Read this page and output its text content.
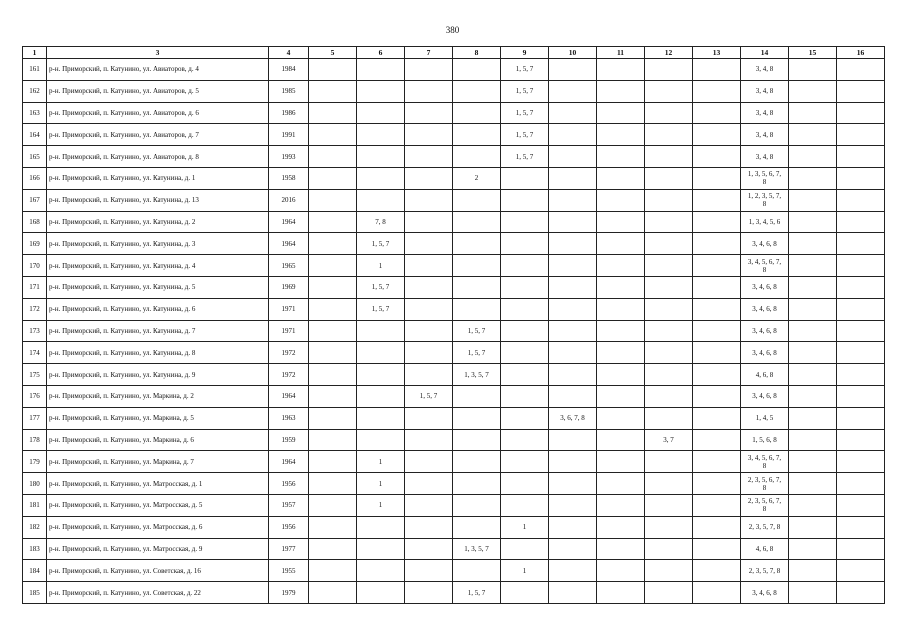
380
1	3	4	5	6	7	8	9	10	11	12	13	14	15	16
161	р-н. Приморский, п. Катунино, ул. Авиаторов, д. 4	1984					1, 5, 7					3, 4, 8		
162	р-н. Приморский, п. Катунино, ул. Авиаторов, д. 5	1985					1, 5, 7					3, 4, 8		
163	р-н. Приморский, п. Катунино, ул. Авиаторов, д. 6	1986					1, 5, 7					3, 4, 8		
164	р-н. Приморский, п. Катунино, ул. Авиаторов, д. 7	1991					1, 5, 7					3, 4, 8		
165	р-н. Приморский, п. Катунино, ул. Авиаторов, д. 8	1993					1, 5, 7					3, 4, 8		
166	р-н. Приморский, п. Катунино, ул. Катунина, д. 1	1958				2						1, 3, 5, 6, 7, 8		
167	р-н. Приморский, п. Катунино, ул. Катунина, д. 13	2016										1, 2, 3, 5, 7, 8		
168	р-н. Приморский, п. Катунино, ул. Катунина, д. 2	1964		7, 8								1, 3, 4, 5, 6		
169	р-н. Приморский, п. Катунино, ул. Катунина, д. 3	1964		1, 5, 7								3, 4, 6, 8		
170	р-н. Приморский, п. Катунино, ул. Катунина, д. 4	1965		1								3, 4, 5, 6, 7, 8		
171	р-н. Приморский, п. Катунино, ул. Катунина, д. 5	1969		1, 5, 7								3, 4, 6, 8		
172	р-н. Приморский, п. Катунино, ул. Катунина, д. 6	1971		1, 5, 7								3, 4, 6, 8		
173	р-н. Приморский, п. Катунино, ул. Катунина, д. 7	1971				1, 5, 7						3, 4, 6, 8		
174	р-н. Приморский, п. Катунино, ул. Катунина, д. 8	1972				1, 5, 7						3, 4, 6, 8		
175	р-н. Приморский, п. Катунино, ул. Катунина, д. 9	1972				1, 3, 5, 7						4, 6, 8		
176	р-н. Приморский, п. Катунино, ул. Маркина, д. 2	1964			1, 5, 7							3, 4, 6, 8		
177	р-н. Приморский, п. Катунино, ул. Маркина, д. 5	1963						3, 6, 7, 8				1, 4, 5		
178	р-н. Приморский, п. Катунино, ул. Маркина, д. 6	1959								3, 7		1, 5, 6, 8		
179	р-н. Приморский, п. Катунино, ул. Маркина, д. 7	1964		1								3, 4, 5, 6, 7, 8		
180	р-н. Приморский, п. Катунино, ул. Матросская, д. 1	1956		1								2, 3, 5, 6, 7, 8		
181	р-н. Приморский, п. Катунино, ул. Матросская, д. 5	1957		1								2, 3, 5, 6, 7, 8		
182	р-н. Приморский, п. Катунино, ул. Матросская, д. 6	1956					1					2, 3, 5, 7, 8		
183	р-н. Приморский, п. Катунино, ул. Матросская, д. 9	1977				1, 3, 5, 7						4, 6, 8		
184	р-н. Приморский, п. Катунино, ул. Советская, д. 16	1955					1					2, 3, 5, 7, 8		
185	р-н. Приморский, п. Катунино, ул. Советская, д. 22	1979				1, 5, 7						3, 4, 6, 8		
